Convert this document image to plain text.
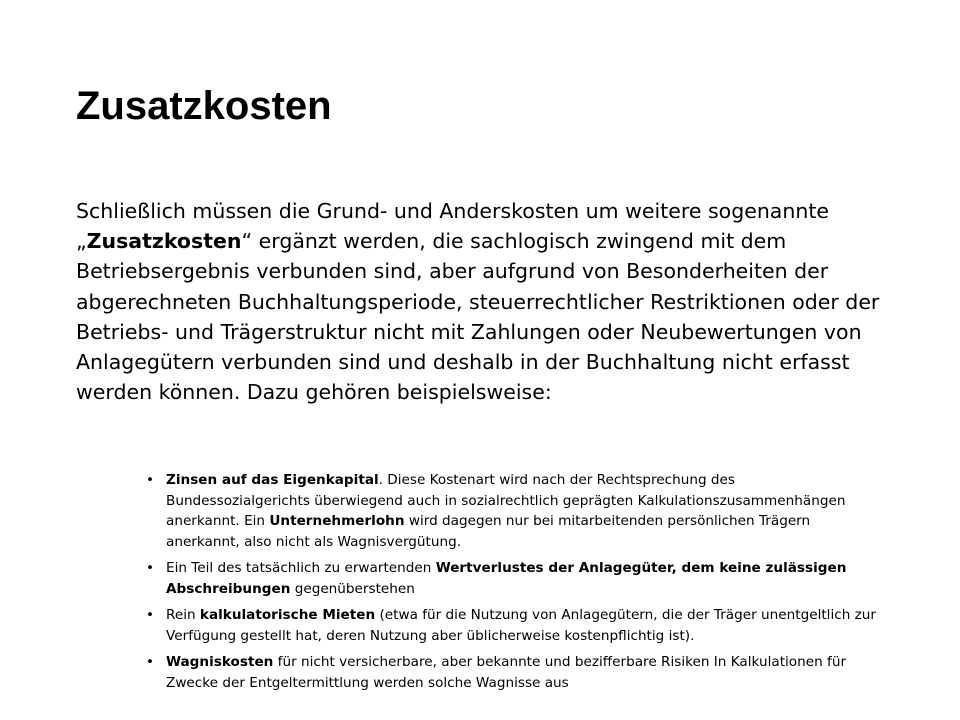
Zusatzkosten

Schließlich müssen die Grund- und Anderskosten um weitere sogenannte „Zusatzkosten“ ergänzt werden, die sachlogisch zwingend mit dem Betriebsergebnis verbunden sind, aber aufgrund von Besonderheiten der abgerechneten Buchhaltungsperiode, steuerrechtlicher Restriktionen oder der Betriebs- und Trägerstruktur nicht mit Zahlungen oder Neubewertungen von Anlagegütern verbunden sind und deshalb in der Buchhaltung nicht erfasst werden können. Dazu gehören beispielsweise:

• Zinsen auf das Eigenkapital. Diese Kostenart wird nach der Rechtsprechung des Bundessozialgerichts überwiegend auch in sozialrechtlich geprägten Kalkulationszusammenhängen anerkannt. Ein Unternehmerlohn wird dagegen nur bei mitarbeitenden persönlichen Trägern anerkannt, also nicht als Wagnisvergütung.
• Ein Teil des tatsächlich zu erwartenden Wertverlustes der Anlagegüter, dem keine zulässigen Abschreibungen gegenüberstehen
• Rein kalkulatorische Mieten (etwa für die Nutzung von Anlagegütern, die der Träger unentgeltlich zur Verfügung gestellt hat, deren Nutzung aber üblicherweise kostenpflichtig ist).
• Wagniskosten für nicht versicherbare, aber bekannte und bezifferbare Risiken In Kalkulationen für Zwecke der Entgeltermittlung werden solche Wagnisse aus
